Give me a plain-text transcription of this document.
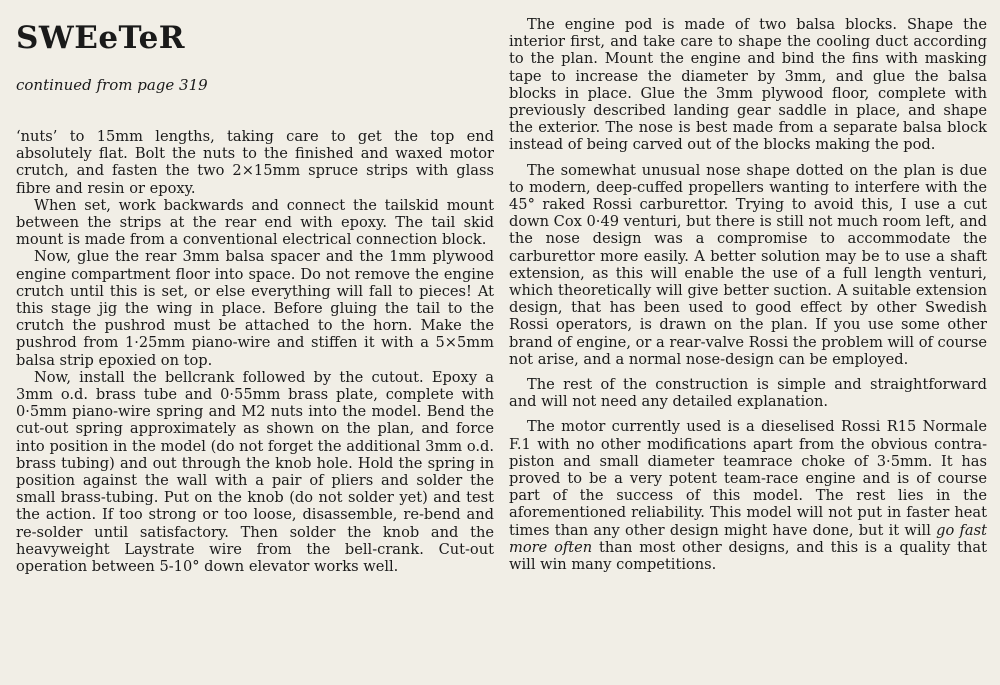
SWEeTeR
continued from page 319

‘nuts’ to 15mm lengths, taking care to get the top end absolutely flat. Bolt the nuts to the finished and waxed motor crutch, and fasten the two 2×15mm spruce strips with glass fibre and resin or epoxy.

When set, work backwards and connect the tailskid mount between the strips at the rear end with epoxy. The tail skid mount is made from a conventional electrical connection block.

Now, glue the rear 3mm balsa spacer and the 1mm plywood engine compartment floor into space. Do not remove the engine crutch until this is set, or else everything will fall to pieces! At this stage jig the wing in place. Before gluing the tail to the crutch the pushrod must be attached to the horn. Make the pushrod from 1·25mm piano-wire and stiffen it with a 5×5mm balsa strip epoxied on top.

Now, install the bellcrank followed by the cutout. Epoxy a 3mm o.d. brass tube and 0·55mm brass plate, complete with 0·5mm piano-wire spring and M2 nuts into the model. Bend the cut-out spring approximately as shown on the plan, and force into position in the model (do not forget the additional 3mm o.d. brass tubing) and out through the knob hole. Hold the spring in position against the wall with a pair of pliers and solder the small brass-tubing. Put on the knob (do not solder yet) and test the action. If too strong or too loose, disassemble, re-bend and re-solder until satisfactory. Then solder the knob and the heavyweight Laystrate wire from the bell-crank. Cut-out operation between 5-10° down elevator works well.

The engine pod is made of two balsa blocks. Shape the interior first, and take care to shape the cooling duct according to the plan. Mount the engine and bind the fins with masking tape to increase the diameter by 3mm, and glue the balsa blocks in place. Glue the 3mm plywood floor, complete with previously described landing gear saddle in place, and shape the exterior. The nose is best made from a separate balsa block instead of being carved out of the blocks making the pod.

The somewhat unusual nose shape dotted on the plan is due to modern, deep-cuffed propellers wanting to interfere with the 45° raked Rossi carburettor. Trying to avoid this, I use a cut down Cox 0·49 venturi, but there is still not much room left, and the nose design was a compromise to accommodate the carburettor more easily. A better solution may be to use a shaft extension, as this will enable the use of a full length venturi, which theoretically will give better suction. A suitable extension design, that has been used to good effect by other Swedish Rossi operators, is drawn on the plan. If you use some other brand of engine, or a rear-valve Rossi the problem will of course not arise, and a normal nose-design can be employed.

The rest of the construction is simple and straightforward and will not need any detailed explanation.

The motor currently used is a dieselised Rossi R15 Normale F.1 with no other modifications apart from the obvious contra-piston and small diameter teamrace choke of 3·5mm. It has proved to be a very potent team-race engine and is of course part of the success of this model. The rest lies in the aforementioned reliability. This model will not put in faster heat times than any other design might have done, but it will go fast more often than most other designs, and this is a quality that will win many competitions.
